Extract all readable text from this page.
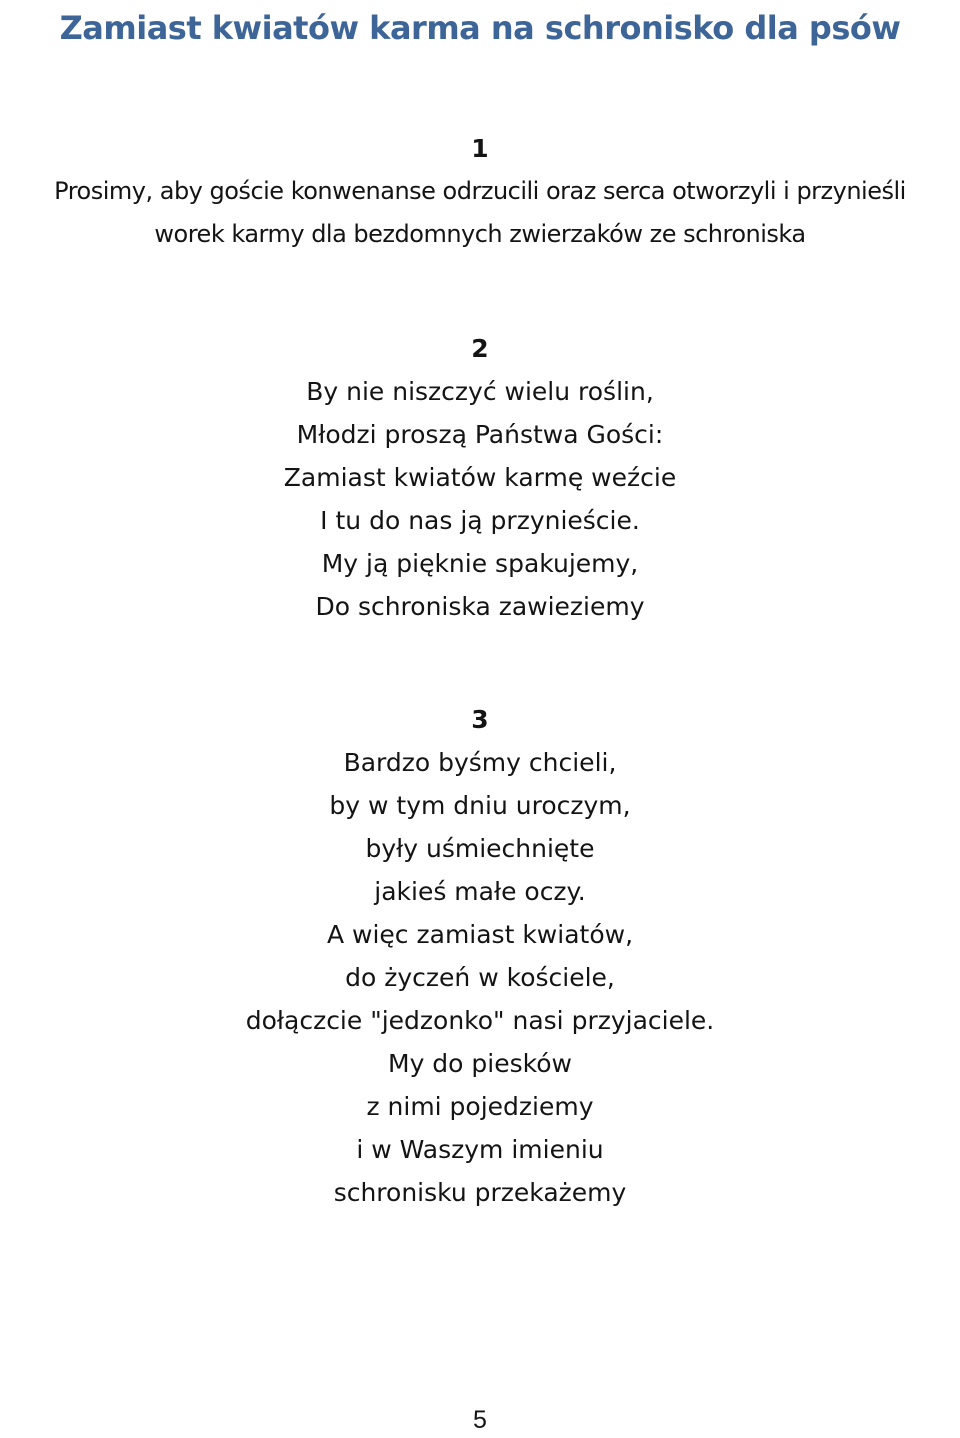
Zamiast kwiatów karma na schronisko dla psów
1
Prosimy, aby goście konwenanse odrzucili oraz serca otworzyli i przynieśli
worek karmy dla bezdomnych zwierzaków ze schroniska
2
By nie niszczyć wielu roślin,
Młodzi proszą Państwa Gości:
Zamiast kwiatów karmę weźcie
I tu do nas ją przynieście.
My ją pięknie spakujemy,
Do schroniska zawieziemy
3
Bardzo byśmy chcieli,
by w tym dniu uroczym,
były uśmiechnięte
jakieś małe oczy.
A więc zamiast kwiatów,
do życzeń w kościele,
dołączcie "jedzonko" nasi przyjaciele.
My do piesków
z nimi pojedziemy
i w Waszym imieniu
schronisku przekażemy
5
